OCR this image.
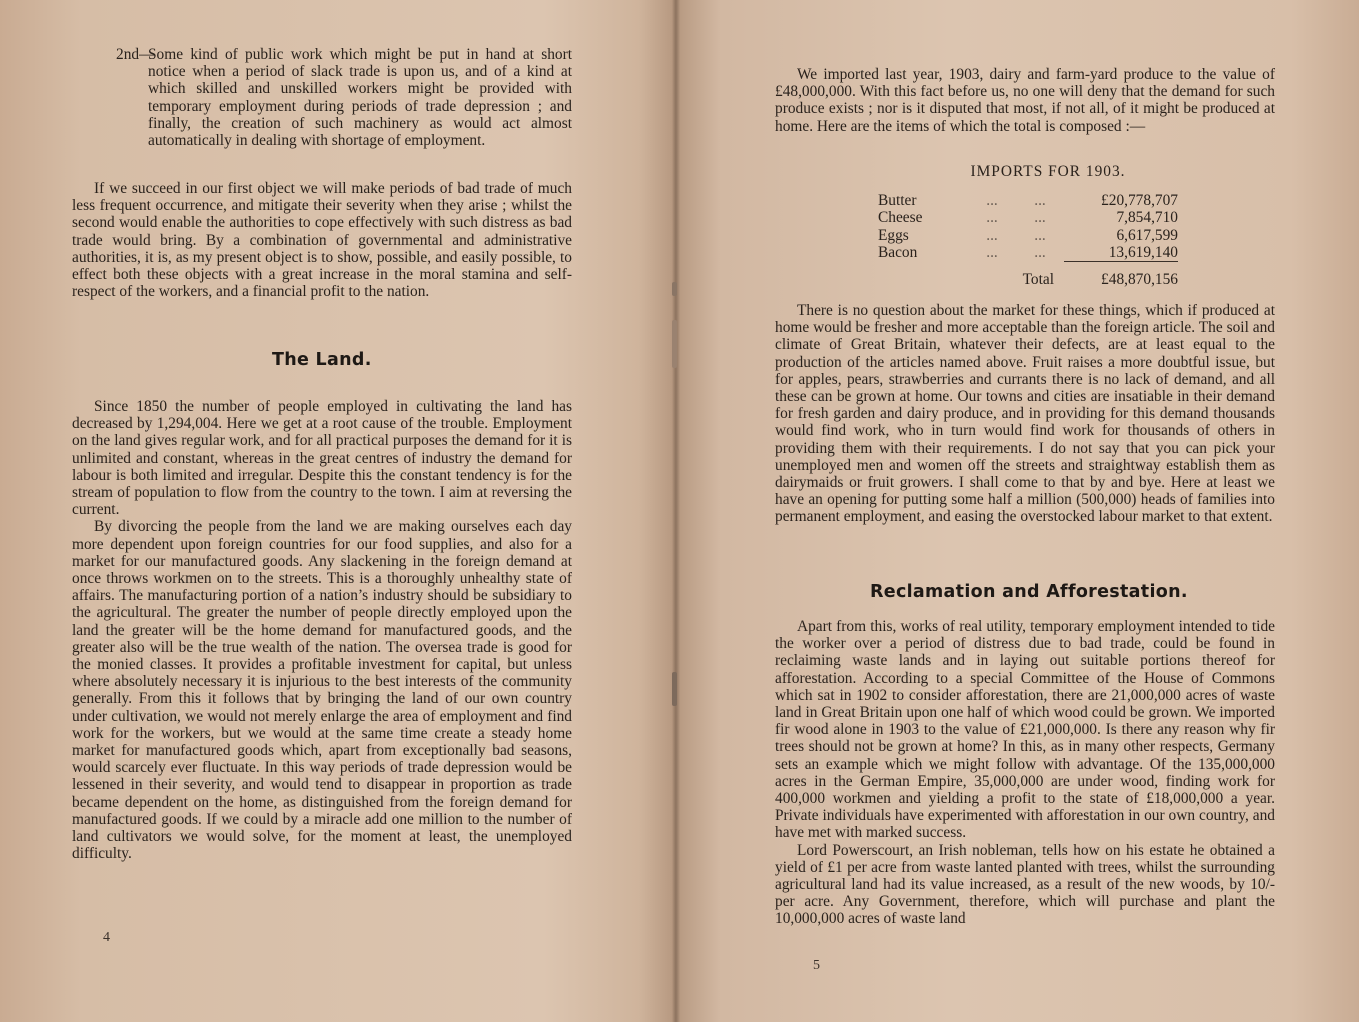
2nd—
Some kind of public work which might be put in hand at short notice when a period of slack trade is upon us, and of a kind at which skilled and unskilled workers might be provided with temporary employment during periods of trade depression ; and finally, the creation of such machinery as would act almost automatically in dealing with shortage of employment.

If we succeed in our first object we will make periods of bad trade of much less frequent occurrence, and mitigate their severity when they arise ; whilst the second would enable the authorities to cope effectively with such distress as bad trade would bring. By a combination of governmental and administrative authorities, it is, as my present object is to show, possible, and easily possible, to effect both these objects with a great increase in the moral stamina and self-respect of the workers, and a financial profit to the nation.

The Land.

Since 1850 the number of people employed in cultivating the land has decreased by 1,294,004. Here we get at a root cause of the trouble. Employment on the land gives regular work, and for all practical purposes the demand for it is unlimited and constant, whereas in the great centres of industry the demand for labour is both limited and irregular. Despite this the constant tendency is for the stream of population to flow from the country to the town. I aim at reversing the current.

By divorcing the people from the land we are making ourselves each day more dependent upon foreign countries for our food supplies, and also for a market for our manufactured goods. Any slackening in the foreign demand at once throws workmen on to the streets. This is a thoroughly unhealthy state of affairs. The manufacturing portion of a nation’s industry should be subsidiary to the agricultural. The greater the number of people directly employed upon the land the greater will be the home demand for manufactured goods, and the greater also will be the true wealth of the nation. The oversea trade is good for the monied classes. It provides a profitable investment for capital, but unless where absolutely necessary it is injurious to the best interests of the community generally. From this it follows that by bringing the land of our own country under cultivation, we would not merely enlarge the area of employment and find work for the workers, but we would at the same time create a steady home market for manufactured goods which, apart from exceptionally bad seasons, would scarcely ever fluctuate. In this way periods of trade depression would be lessened in their severity, and would tend to disappear in proportion as trade became dependent on the home, as distinguished from the foreign demand for manufactured goods. If we could by a miracle add one million to the number of land cultivators we would solve, for the moment at least, the unemployed difficulty.

4

We imported last year, 1903, dairy and farm-yard produce to the value of £48,000,000. With this fact before us, no one will deny that the demand for such produce exists ; nor is it disputed that most, if not all, of it might be produced at home. Here are the items of which the total is composed :—

IMPORTS FOR 1903.
Butter	...	...	£20,778,707
Cheese	...	...	7,854,710
Eggs	...	...	6,617,599
Bacon	...	...	13,619,140
		Total	£48,870,156

There is no question about the market for these things, which if produced at home would be fresher and more acceptable than the foreign article. The soil and climate of Great Britain, whatever their defects, are at least equal to the production of the articles named above. Fruit raises a more doubtful issue, but for apples, pears, strawberries and currants there is no lack of demand, and all these can be grown at home. Our towns and cities are insatiable in their demand for fresh garden and dairy produce, and in providing for this demand thousands would find work, who in turn would find work for thousands of others in providing them with their requirements. I do not say that you can pick your unemployed men and women off the streets and straightway establish them as dairymaids or fruit growers. I shall come to that by and bye. Here at least we have an opening for putting some half a million (500,000) heads of families into permanent employment, and easing the overstocked labour market to that extent.

Reclamation and Afforestation.

Apart from this, works of real utility, temporary employment intended to tide the worker over a period of distress due to bad trade, could be found in reclaiming waste lands and in laying out suitable portions thereof for afforestation. According to a special Committee of the House of Commons which sat in 1902 to consider afforestation, there are 21,000,000 acres of waste land in Great Britain upon one half of which wood could be grown. We imported fir wood alone in 1903 to the value of £21,000,000. Is there any reason why fir trees should not be grown at home? In this, as in many other respects, Germany sets an example which we might follow with advantage. Of the 135,000,000 acres in the German Empire, 35,000,000 are under wood, finding work for 400,000 workmen and yielding a profit to the state of £18,000,000 a year. Private individuals have experimented with afforestation in our own country, and have met with marked success.

Lord Powerscourt, an Irish nobleman, tells how on his estate he obtained a yield of £1 per acre from waste lanted planted with trees, whilst the surrounding agricultural land had its value increased, as a result of the new woods, by 10/- per acre. Any Government, therefore, which will purchase and plant the 10,000,000 acres of waste land

5
